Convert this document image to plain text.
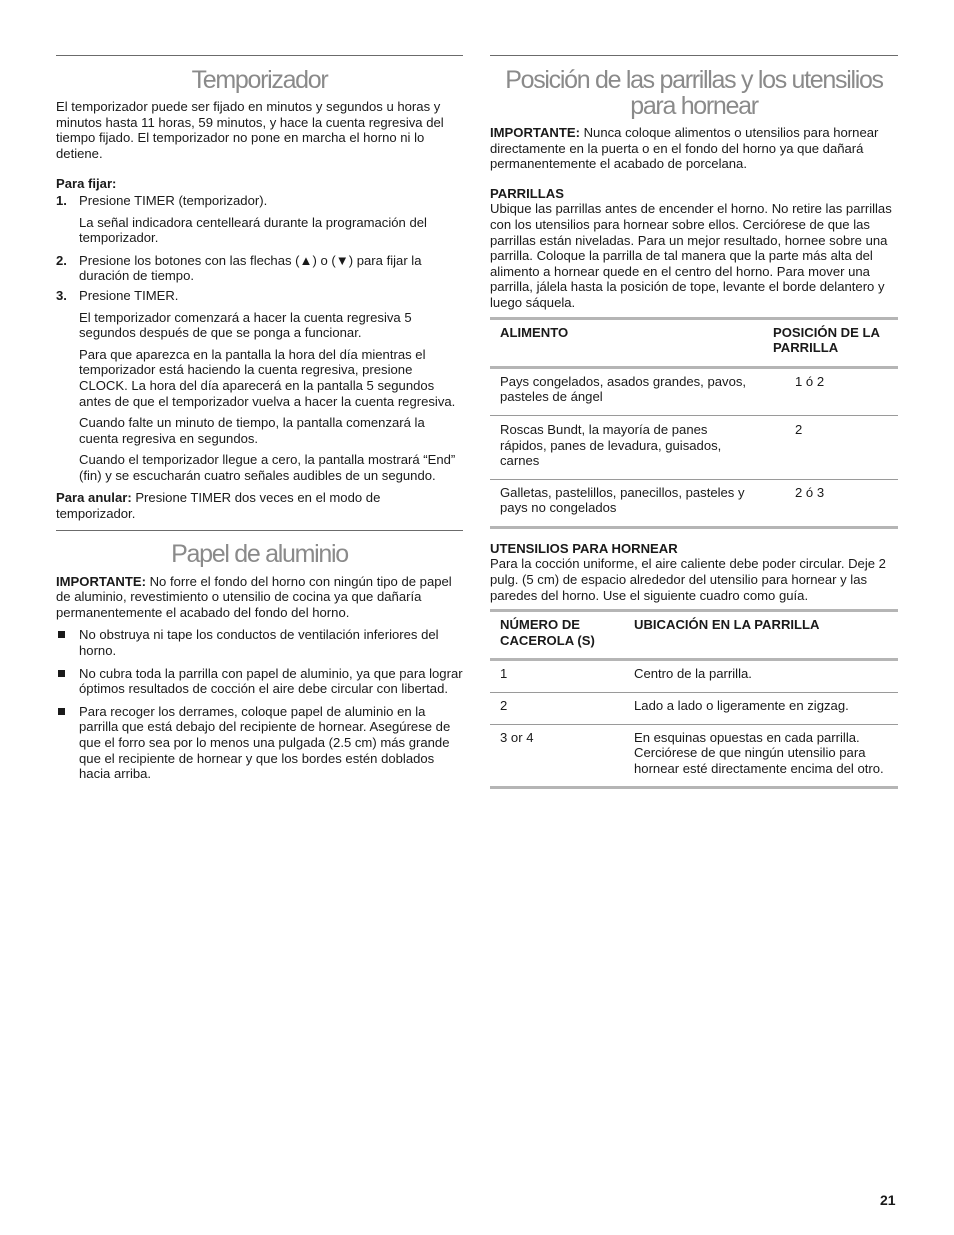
Temporizador

El temporizador puede ser fijado en minutos y segundos u horas y minutos hasta 11 horas, 59 minutos, y hace la cuenta regresiva del tiempo fijado. El temporizador no pone en marcha el horno ni lo detiene.

Para fijar:
1. Presione TIMER (temporizador).
La señal indicadora centelleará durante la programación del temporizador.
2. Presione los botones con las flechas (▲) o (▼) para fijar la duración de tiempo.
3. Presione TIMER.
El temporizador comenzará a hacer la cuenta regresiva 5 segundos después de que se ponga a funcionar.
Para que aparezca en la pantalla la hora del día mientras el temporizador está haciendo la cuenta regresiva, presione CLOCK. La hora del día aparecerá en la pantalla 5 segundos antes de que el temporizador vuelva a hacer la cuenta regresiva.
Cuando falte un minuto de tiempo, la pantalla comenzará la cuenta regresiva en segundos.
Cuando el temporizador llegue a cero, la pantalla mostrará “End” (fin) y se escucharán cuatro señales audibles de un segundo.

Para anular: Presione TIMER dos veces en el modo de temporizador.

Papel de aluminio

IMPORTANTE: No forre el fondo del horno con ningún tipo de papel de aluminio, revestimiento o utensilio de cocina ya que dañaría permanentemente el acabado del fondo del horno.

No obstruya ni tape los conductos de ventilación inferiores del horno.
No cubra toda la parrilla con papel de aluminio, ya que para lograr óptimos resultados de cocción el aire debe circular con libertad.
Para recoger los derrames, coloque papel de aluminio en la parrilla que está debajo del recipiente de hornear. Asegúrese de que el forro sea por lo menos una pulgada (2.5 cm) más grande que el recipiente de hornear y que los bordes estén doblados hacia arriba.
Posición de las parrillas y los utensilios para hornear

IMPORTANTE: Nunca coloque alimentos o utensilios para hornear directamente en la puerta o en el fondo del horno ya que dañará permanentemente el acabado de porcelana.

PARRILLAS

Ubique las parrillas antes de encender el horno. No retire las parrillas con los utensilios para hornear sobre ellos. Cerciórese de que las parrillas están niveladas. Para un mejor resultado, hornee sobre una parrilla. Coloque la parrilla de tal manera que la parte más alta del alimento a hornear quede en el centro del horno. Para mover una parrilla, jálela hasta la posición de tope, levante el borde delantero y luego sáquela.

ALIMENTO	POSICIÓN DE LA PARRILLA
Pays congelados, asados grandes, pavos, pasteles de ángel	1 ó 2
Roscas Bundt, la mayoría de panes rápidos, panes de levadura, guisados, carnes	2
Galletas, pastelillos, panecillos, pasteles y pays no congelados	2 ó 3
UTENSILIOS PARA HORNEAR

Para la cocción uniforme, el aire caliente debe poder circular. Deje 2 pulg. (5 cm) de espacio alrededor del utensilio para hornear y las paredes del horno. Use el siguiente cuadro como guía.

NÚMERO DE CACEROLA (S)	UBICACIÓN EN LA PARRILLA
1	Centro de la parrilla.
2	Lado a lado o ligeramente en zigzag.
3 or 4	En esquinas opuestas en cada parrilla. Cerciórese de que ningún utensilio para hornear esté directamente encima del otro.
21
